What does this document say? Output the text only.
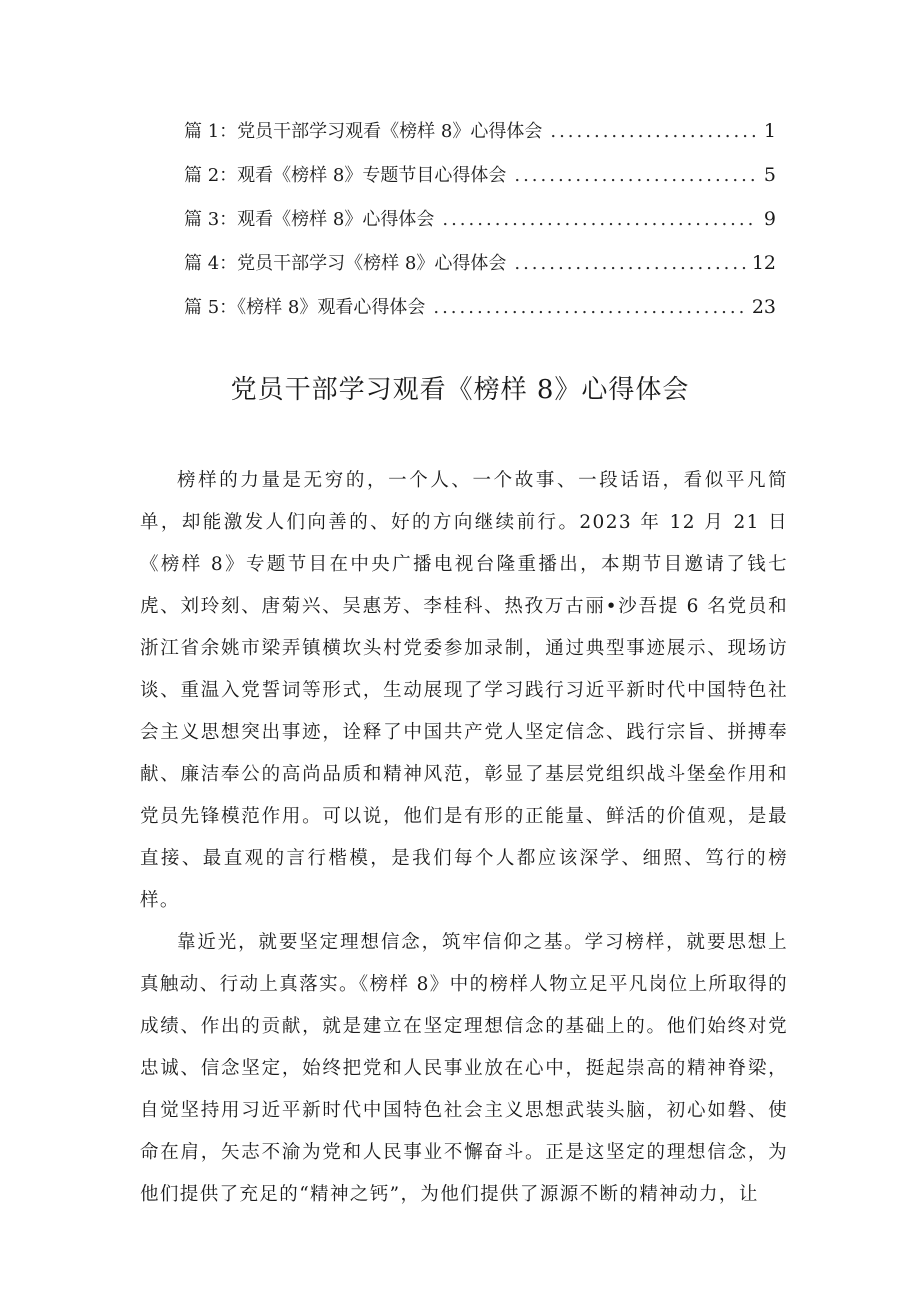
篇 1：党员干部学习观看《榜样 8》心得体会 .....	1
篇 2：观看《榜样 8》专题节目心得体会 .....	5
篇 3：观看《榜样 8》心得体会 .....	9
篇 4：党员干部学习《榜样 8》心得体会 .....	12
篇 5：《榜样 8》观看心得体会 .....	23
党员干部学习观看《榜样 8》心得体会

榜样的力量是无穷的，一个人、一个故事、一段话语，看似平凡简单，却能激发人们向善的、好的方向继续前行。2023 年 12 月 21 日《榜样 8》专题节目在中央广播电视台隆重播出，本期节目邀请了钱七虎、刘玲刻、唐菊兴、吴惠芳、李桂科、热孜万古丽•沙吾提 6 名党员和浙江省余姚市梁弄镇横坎头村党委参加录制，通过典型事迹展示、现场访谈、重温入党誓词等形式，生动展现了学习践行习近平新时代中国特色社会主义思想突出事迹，诠释了中国共产党人坚定信念、践行宗旨、拼搏奉献、廉洁奉公的高尚品质和精神风范，彰显了基层党组织战斗堡垒作用和党员先锋模范作用。可以说，他们是有形的正能量、鲜活的价值观，是最直接、最直观的言行楷模，是我们每个人都应该深学、细照、笃行的榜样。

靠近光，就要坚定理想信念，筑牢信仰之基。学习榜样，就要思想上真触动、行动上真落实。《榜样 8》中的榜样人物立足平凡岗位上所取得的成绩、作出的贡献，就是建立在坚定理想信念的基础上的。他们始终对党忠诚、信念坚定，始终把党和人民事业放在心中，挺起崇高的精神脊梁，自觉坚持用习近平新时代中国特色社会主义思想武装头脑，初心如磐、使命在肩，矢志不渝为党和人民事业不懈奋斗。正是这坚定的理想信念，为他们提供了充足的“精神之钙”，为他们提供了源源不断的精神动力，让
